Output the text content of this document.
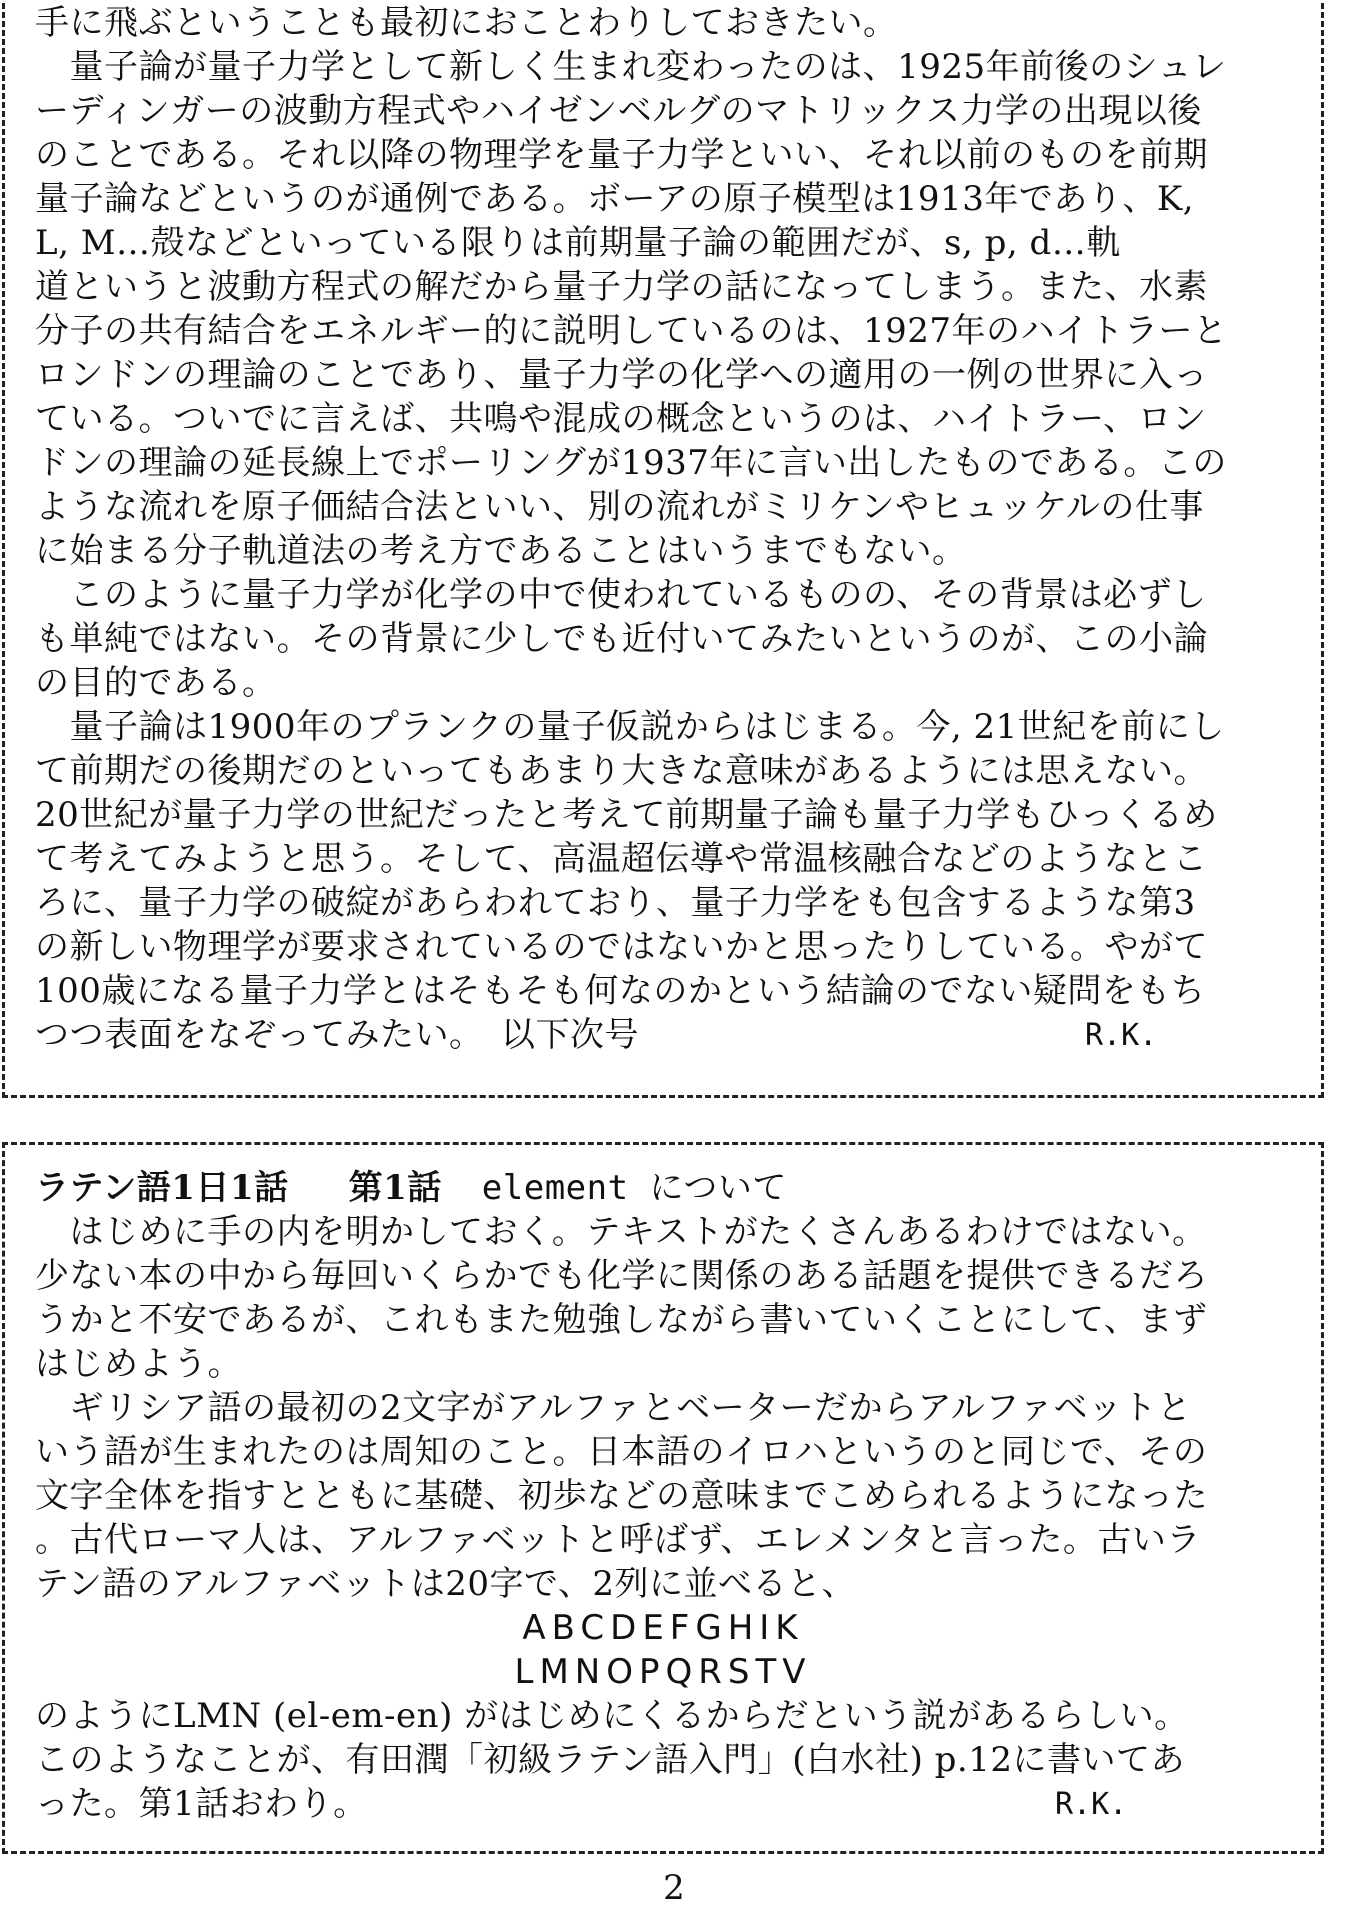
手に飛ぶということも最初におことわりしておきたい。
　量子論が量子力学として新しく生まれ変わったのは、1925年前後のシュレ
ーディンガーの波動方程式やハイゼンベルグのマトリックス力学の出現以後
のことである。それ以降の物理学を量子力学といい、それ以前のものを前期
量子論などというのが通例である。ボーアの原子模型は1913年であり、K,
L, M…殻などといっている限りは前期量子論の範囲だが、s, p, d…軌
道というと波動方程式の解だから量子力学の話になってしまう。また、水素
分子の共有結合をエネルギー的に説明しているのは、1927年のハイトラーと
ロンドンの理論のことであり、量子力学の化学への適用の一例の世界に入っ
ている。ついでに言えば、共鳴や混成の概念というのは、ハイトラー、ロン
ドンの理論の延長線上でポーリングが1937年に言い出したものである。この
ような流れを原子価結合法といい、別の流れがミリケンやヒュッケルの仕事
に始まる分子軌道法の考え方であることはいうまでもない。
　このように量子力学が化学の中で使われているものの、その背景は必ずし
も単純ではない。その背景に少しでも近付いてみたいというのが、この小論
の目的である。
　量子論は1900年のプランクの量子仮説からはじまる。今, 21世紀を前にし
て前期だの後期だのといってもあまり大きな意味があるようには思えない。
20世紀が量子力学の世紀だったと考えて前期量子論も量子力学もひっくるめ
て考えてみようと思う。そして、高温超伝導や常温核融合などのようなとこ
ろに、量子力学の破綻があらわれており、量子力学をも包含するような第3
の新しい物理学が要求されているのではないかと思ったりしている。やがて
100歳になる量子力学とはそもそも何なのかという結論のでない疑問をもち
つつ表面をなぞってみたい。　以下次号	R.K.
ラテン語1日1話 第1話 element について
　はじめに手の内を明かしておく。テキストがたくさんあるわけではない。
少ない本の中から毎回いくらかでも化学に関係のある話題を提供できるだろ
うかと不安であるが、これもまた勉強しながら書いていくことにして、まず
はじめよう。
　ギリシア語の最初の2文字がアルファとベーターだからアルファベットと
いう語が生まれたのは周知のこと。日本語のイロハというのと同じで、その
文字全体を指すとともに基礎、初歩などの意味までこめられるようになった
。古代ローマ人は、アルファベットと呼ばず、エレメンタと言った。古いラ
テン語のアルファベットは20字で、2列に並べると、
ABCDEFGHIK
LMNOPQRSTV
のようにLMN (el-em-en) がはじめにくるからだという説があるらしい。
このようなことが、有田潤「初級ラテン語入門」(白水社) p.12に書いてあ
った。第1話おわり。	R.K.
2
